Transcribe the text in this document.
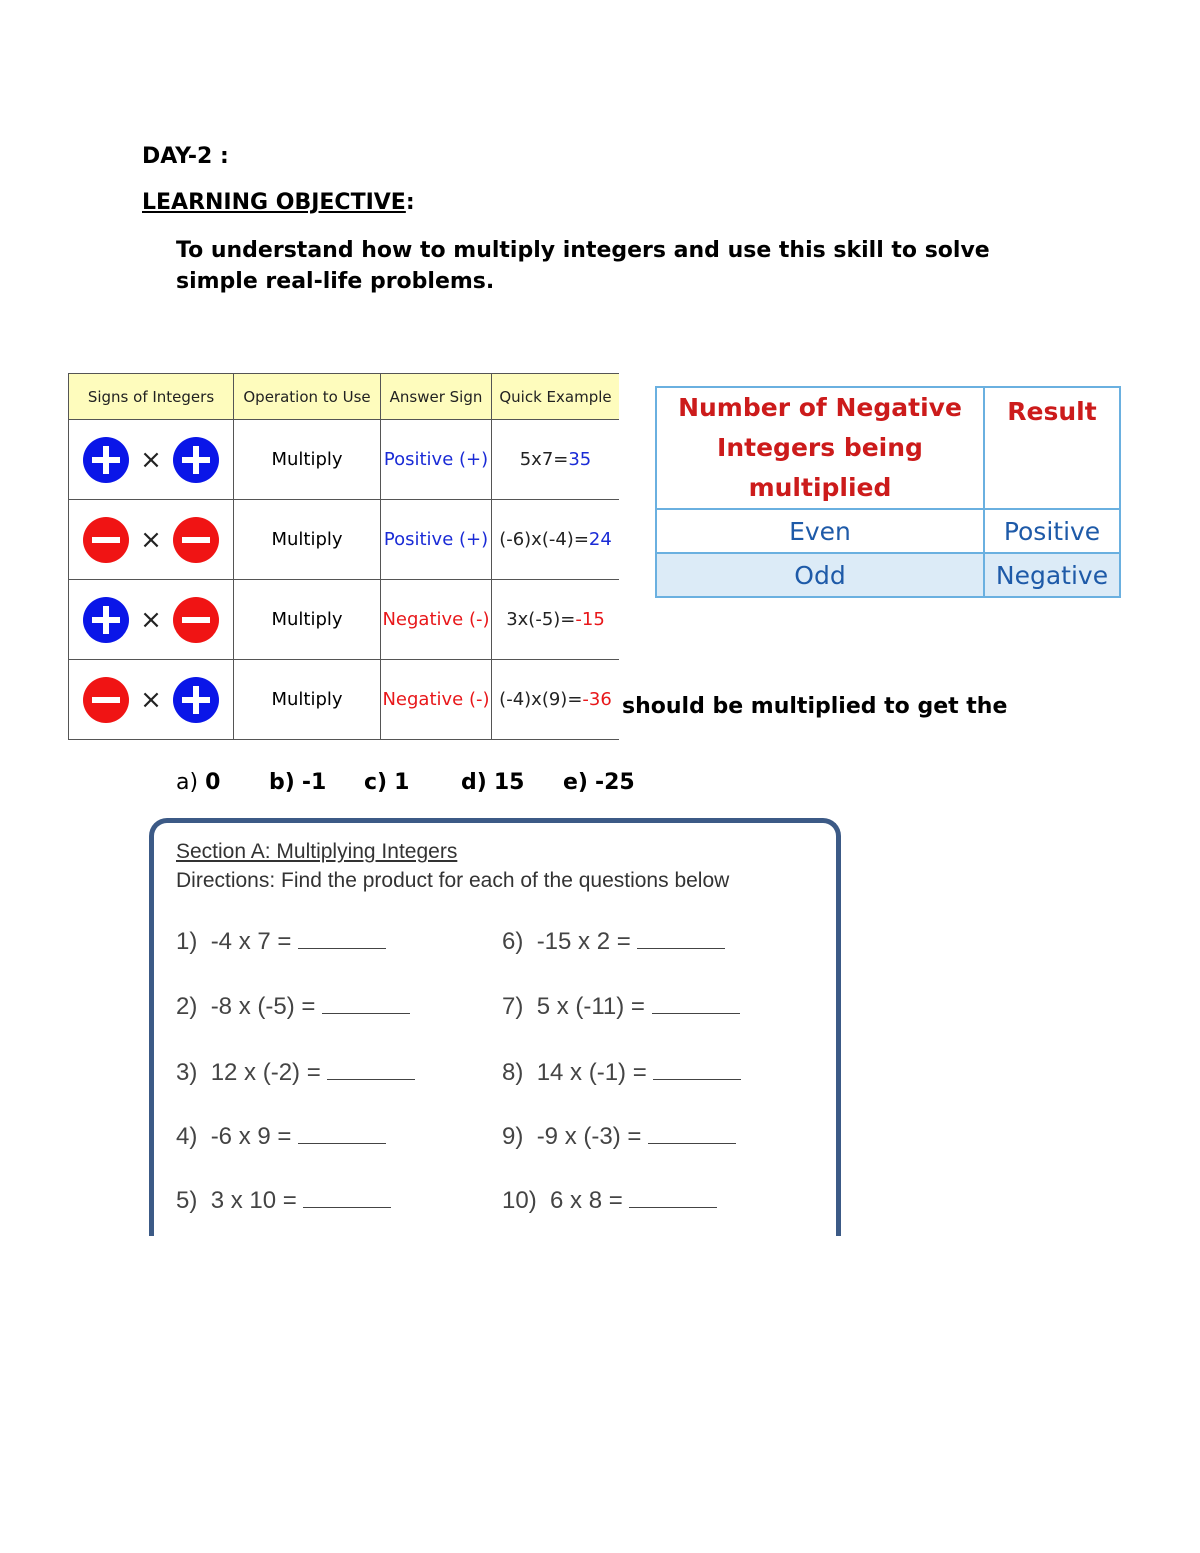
DAY-2 :
LEARNING OBJECTIVE:
To understand how to multiply integers and use this skill to solve
simple real-life problems.
should be multiplied to get the
Signs of Integers	Operation to Use	Answer Sign	Quick Example

×	Multiply	Positive (+)	5x7=35

×	Multiply	Positive (+)	(-6)x(-4)=24

×	Multiply	Negative (-)	3x(-5)=-15

×	Multiply	Negative (-)	(-4)x(9)=-36
Number of Negative
Integers being multiplied	Result
Even	Positive
Odd	Negative
a) 0 b) -1 c) 1 d) 15 e) -25
Section A: Multiplying Integers
Directions: Find the product for each of the questions below
1) -4 x 7 =
2) -8 x (-5) =
3) 12 x (-2) =
4) -6 x 9 =
5) 3 x 10 =
6) -15 x 2 =
7) 5 x (-11) =
8) 14 x (-1) =
9) -9 x (-3) =
10) 6 x 8 =
